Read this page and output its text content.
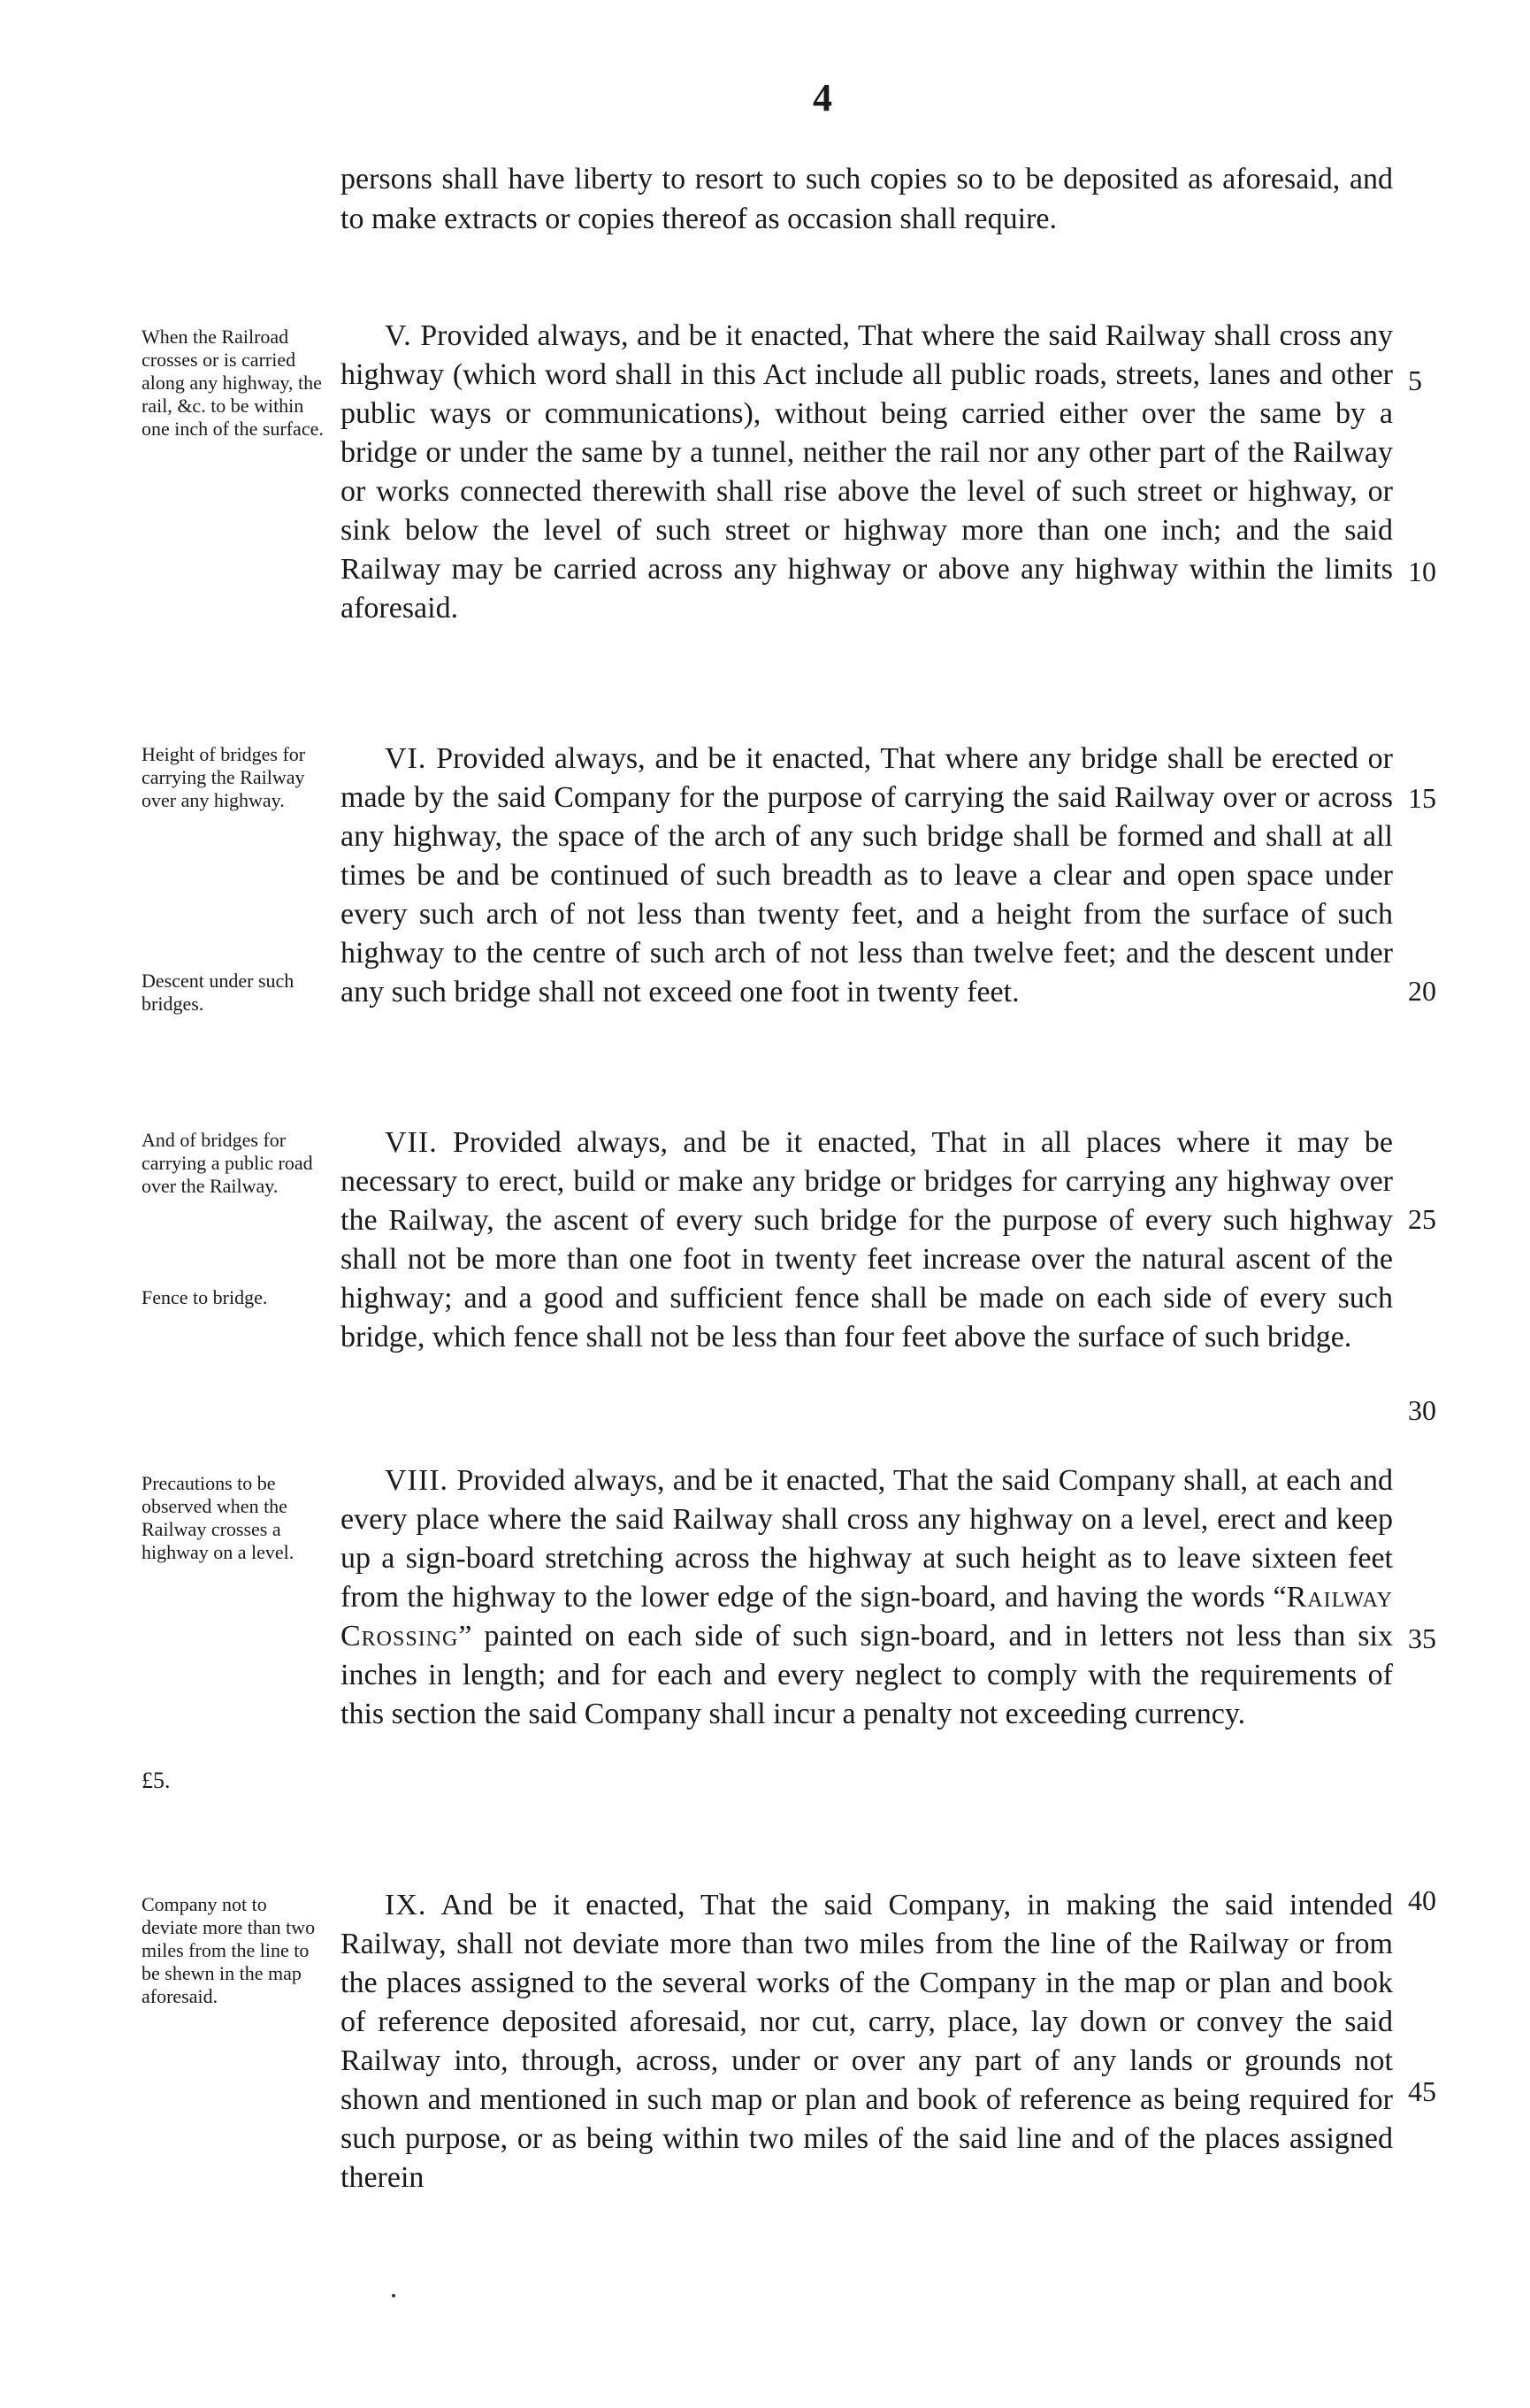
4
persons shall have liberty to resort to such copies so to be deposited as aforesaid, and to make extracts or copies thereof as occasion shall require.

V. Provided always, and be it enacted, That where the said Railway shall cross any highway (which word shall in this Act include all public roads, streets, lanes and other public ways or communications), without being carried either over the same by a bridge or under the same by a tunnel, neither the rail nor any other part of the Railway or works connected therewith shall rise above the level of such street or highway, or sink below the level of such street or highway more than one inch; and the said Railway may be carried across any highway or above any highway within the limits aforesaid.

VI. Provided always, and be it enacted, That where any bridge shall be erected or made by the said Company for the purpose of carrying the said Railway over or across any highway, the space of the arch of any such bridge shall be formed and shall at all times be and be continued of such breadth as to leave a clear and open space under every such arch of not less than twenty feet, and a height from the surface of such highway to the centre of such arch of not less than twelve feet; and the descent under any such bridge shall not exceed one foot in twenty feet.

VII. Provided always, and be it enacted, That in all places where it may be necessary to erect, build or make any bridge or bridges for carrying any highway over the Railway, the ascent of every such bridge for the purpose of every such highway shall not be more than one foot in twenty feet increase over the natural ascent of the highway; and a good and sufficient fence shall be made on each side of every such bridge, which fence shall not be less than four feet above the surface of such bridge.

VIII. Provided always, and be it enacted, That the said Company shall, at each and every place where the said Railway shall cross any highway on a level, erect and keep up a sign-board stretching across the highway at such height as to leave sixteen feet from the highway to the lower edge of the sign-board, and having the words “Railway Crossing” painted on each side of such sign-board, and in letters not less than six inches in length; and for each and every neglect to comply with the requirements of this section the said Company shall incur a penalty not exceeding currency.

IX. And be it enacted, That the said Company, in making the said intended Railway, shall not deviate more than two miles from the line of the Railway or from the places assigned to the several works of the Company in the map or plan and book of reference deposited aforesaid, nor cut, carry, place, lay down or convey the said Railway into, through, across, under or over any part of any lands or grounds not shown and mentioned in such map or plan and book of reference as being required for such purpose, or as being within two miles of the said line and of the places assigned therein

When the Railroad crosses or is carried along any highway, the rail, &c. to be within one inch of the surface.
Height of bridges for carrying the Railway over any highway.
Descent under such bridges.
And of bridges for carrying a public road over the Railway.
Fence to bridge.
Precautions to be observed when the Railway crosses a highway on a level.
£5.
Company not to deviate more than two miles from the line to be shewn in the map aforesaid.
5
10
15
20
25
30
35
40
45
